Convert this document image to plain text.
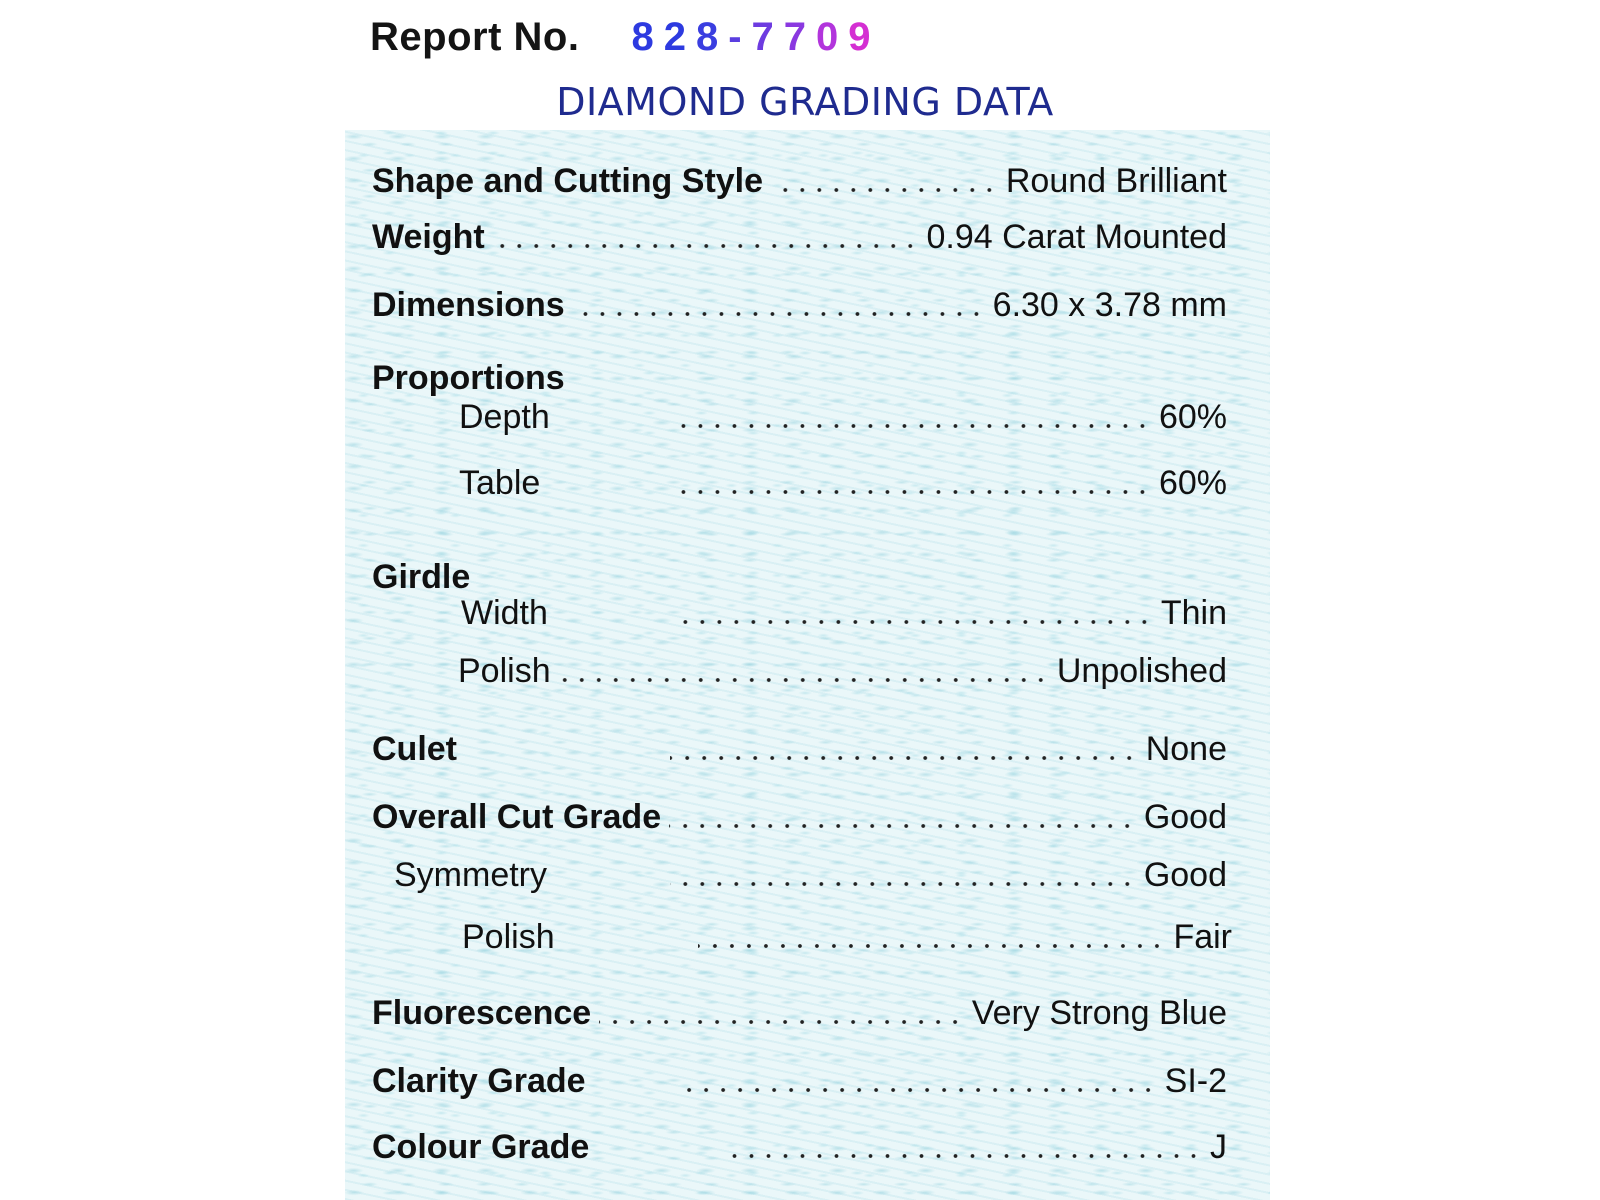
Report No. 8 2 8 - 7 7 0 9
DIAMOND GRADING DATA
Shape and Cutting Style	Round Brilliant
Weight	0.94 Carat Mounted
Dimensions	6.30 x 3.78 mm
Proportions
Depth	60%
Table	60%
Girdle
Width	Thin
Polish	Unpolished
Culet	None
Overall Cut Grade	Good
Symmetry	Good
Polish	Fair
Fluorescence	Very Strong Blue
Clarity Grade	SI-2
Colour Grade	J
